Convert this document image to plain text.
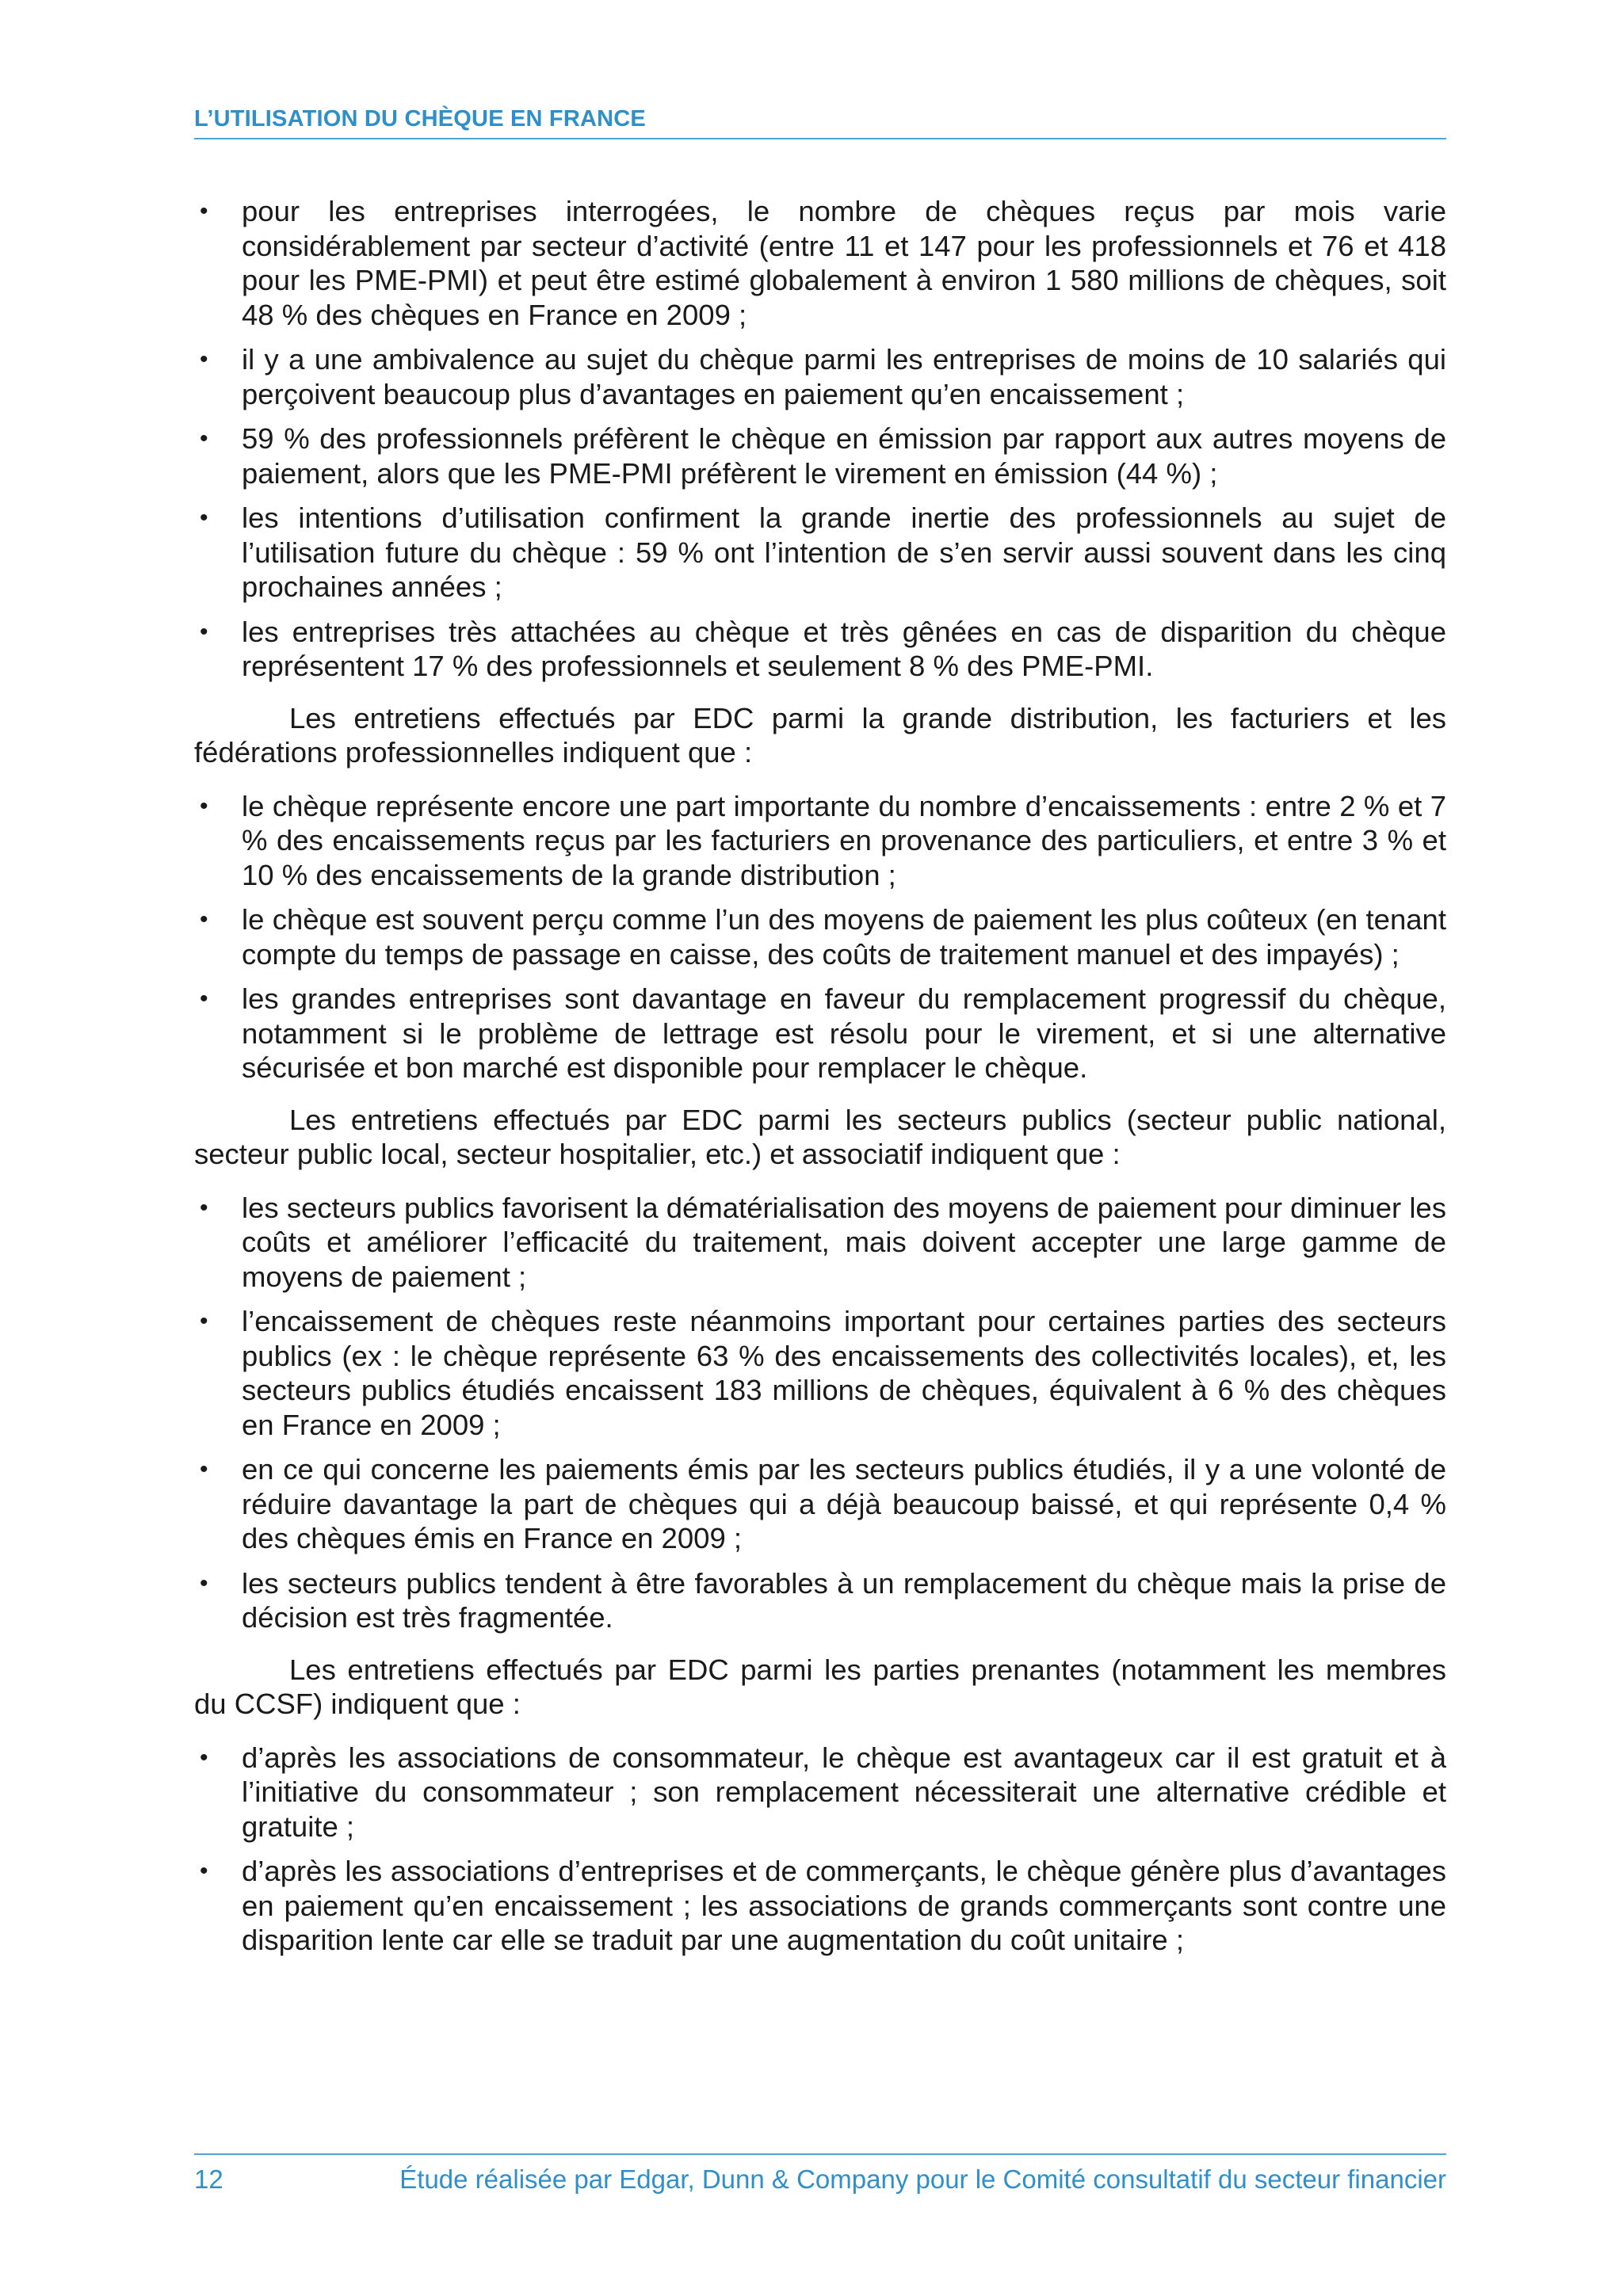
L’UTILISATION DU CHÈQUE EN FRANCE
• pour les entreprises interrogées, le nombre de chèques reçus par mois varie considérablement par secteur d’activité (entre 11 et 147 pour les professionnels et 76 et 418 pour les PME-PMI) et peut être estimé globalement à environ 1 580 millions de chèques, soit 48 % des chèques en France en 2009 ;
• il y a une ambivalence au sujet du chèque parmi les entreprises de moins de 10 salariés qui perçoivent beaucoup plus d’avantages en paiement qu’en encaissement ;
• 59 % des professionnels préfèrent le chèque en émission par rapport aux autres moyens de paiement, alors que les PME-PMI préfèrent le virement en émission (44 %) ;
• les intentions d’utilisation confirment la grande inertie des professionnels au sujet de l’utilisation future du chèque : 59 % ont l’intention de s’en servir aussi souvent dans les cinq prochaines années ;
• les entreprises très attachées au chèque et très gênées en cas de disparition du chèque représentent 17 % des professionnels et seulement 8 % des PME-PMI.

Les entretiens effectués par EDC parmi la grande distribution, les facturiers et les fédérations professionnelles indiquent que :

• le chèque représente encore une part importante du nombre d’encaissements : entre 2 % et 7 % des encaissements reçus par les facturiers en provenance des particuliers, et entre 3 % et 10 % des encaissements de la grande distribution ;
• le chèque est souvent perçu comme l’un des moyens de paiement les plus coûteux (en tenant compte du temps de passage en caisse, des coûts de traitement manuel et des impayés) ;
• les grandes entreprises sont davantage en faveur du remplacement progressif du chèque, notamment si le problème de lettrage est résolu pour le virement, et si une alternative sécurisée et bon marché est disponible pour remplacer le chèque.

Les entretiens effectués par EDC parmi les secteurs publics (secteur public national, secteur public local, secteur hospitalier, etc.) et associatif indiquent que :

• les secteurs publics favorisent la dématérialisation des moyens de paiement pour diminuer les coûts et améliorer l’efficacité du traitement, mais doivent accepter une large gamme de moyens de paiement ;
• l’encaissement de chèques reste néanmoins important pour certaines parties des secteurs publics (ex : le chèque représente 63 % des encaissements des collectivités locales), et, les secteurs publics étudiés encaissent 183 millions de chèques, équivalent à 6 % des chèques en France en 2009 ;
• en ce qui concerne les paiements émis par les secteurs publics étudiés, il y a une volonté de réduire davantage la part de chèques qui a déjà beaucoup baissé, et qui représente 0,4 % des chèques émis en France en 2009 ;
• les secteurs publics tendent à être favorables à un remplacement du chèque mais la prise de décision est très fragmentée.

Les entretiens effectués par EDC parmi les parties prenantes (notamment les membres du CCSF) indiquent que :

• d’après les associations de consommateur, le chèque est avantageux car il est gratuit et à l’initiative du consommateur ; son remplacement nécessiterait une alternative crédible et gratuite ;
• d’après les associations d’entreprises et de commerçants, le chèque génère plus d’avantages en paiement qu’en encaissement ; les associations de grands commerçants sont contre une disparition lente car elle se traduit par une augmentation du coût unitaire ;
12	Étude réalisée par Edgar, Dunn & Company pour le Comité consultatif du secteur financier
